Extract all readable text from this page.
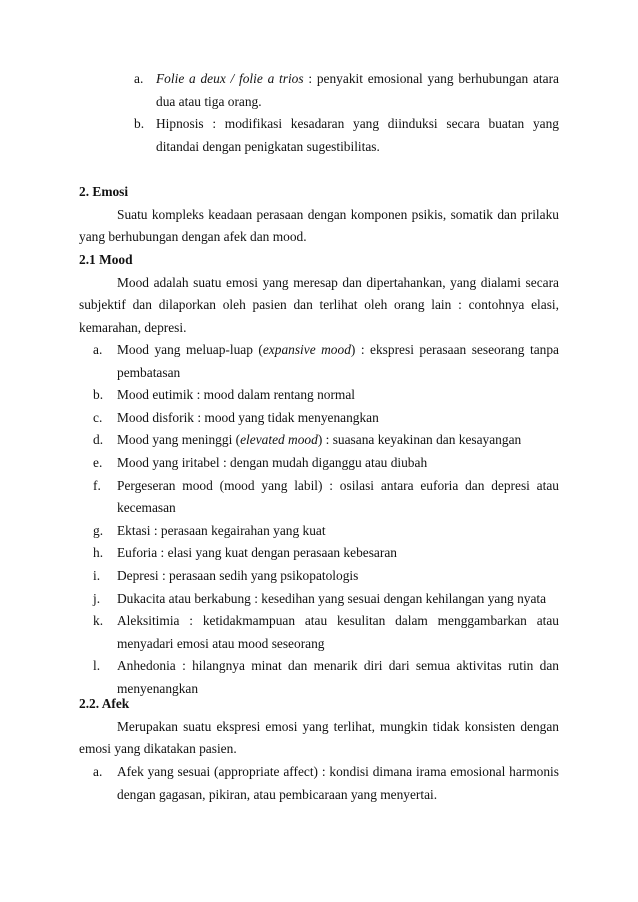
a. Folie a deux / folie a trios : penyakit emosional yang berhubungan atara dua atau tiga orang.
b. Hipnosis : modifikasi kesadaran yang diinduksi secara buatan yang ditandai dengan penigkatan sugestibilitas.
2. Emosi
Suatu kompleks keadaan perasaan dengan komponen psikis, somatik dan prilaku yang berhubungan dengan afek dan mood.
2.1 Mood
Mood adalah suatu emosi yang meresap dan dipertahankan, yang dialami secara subjektif dan dilaporkan oleh pasien dan terlihat oleh orang lain : contohnya elasi, kemarahan, depresi.
a.	Mood yang meluap-luap (expansive mood) : ekspresi perasaan seseorang tanpa pembatasan
b.	Mood eutimik : mood dalam rentang normal
c.	Mood disforik : mood yang tidak menyenangkan
d.	Mood yang meninggi (elevated mood) : suasana keyakinan dan kesayangan
e.	Mood yang iritabel : dengan mudah diganggu atau diubah
f.	Pergeseran mood (mood yang labil) : osilasi antara euforia dan depresi atau kecemasan
g.	Ektasi : perasaan kegairahan yang kuat
h.	Euforia : elasi yang kuat dengan perasaan kebesaran
i.	Depresi : perasaan sedih yang psikopatologis
j.	Dukacita atau berkabung : kesedihan yang sesuai dengan kehilangan yang nyata
k.	Aleksitimia : ketidakmampuan atau kesulitan dalam menggambarkan atau menyadari emosi atau mood seseorang
l.	Anhedonia : hilangnya minat dan menarik diri dari semua aktivitas rutin dan menyenangkan
2.2. Afek
Merupakan suatu ekspresi emosi yang terlihat, mungkin tidak konsisten dengan emosi yang dikatakan pasien.
a.	Afek yang sesuai (appropriate affect) : kondisi dimana irama emosional harmonis dengan gagasan, pikiran, atau pembicaraan yang menyertai.
